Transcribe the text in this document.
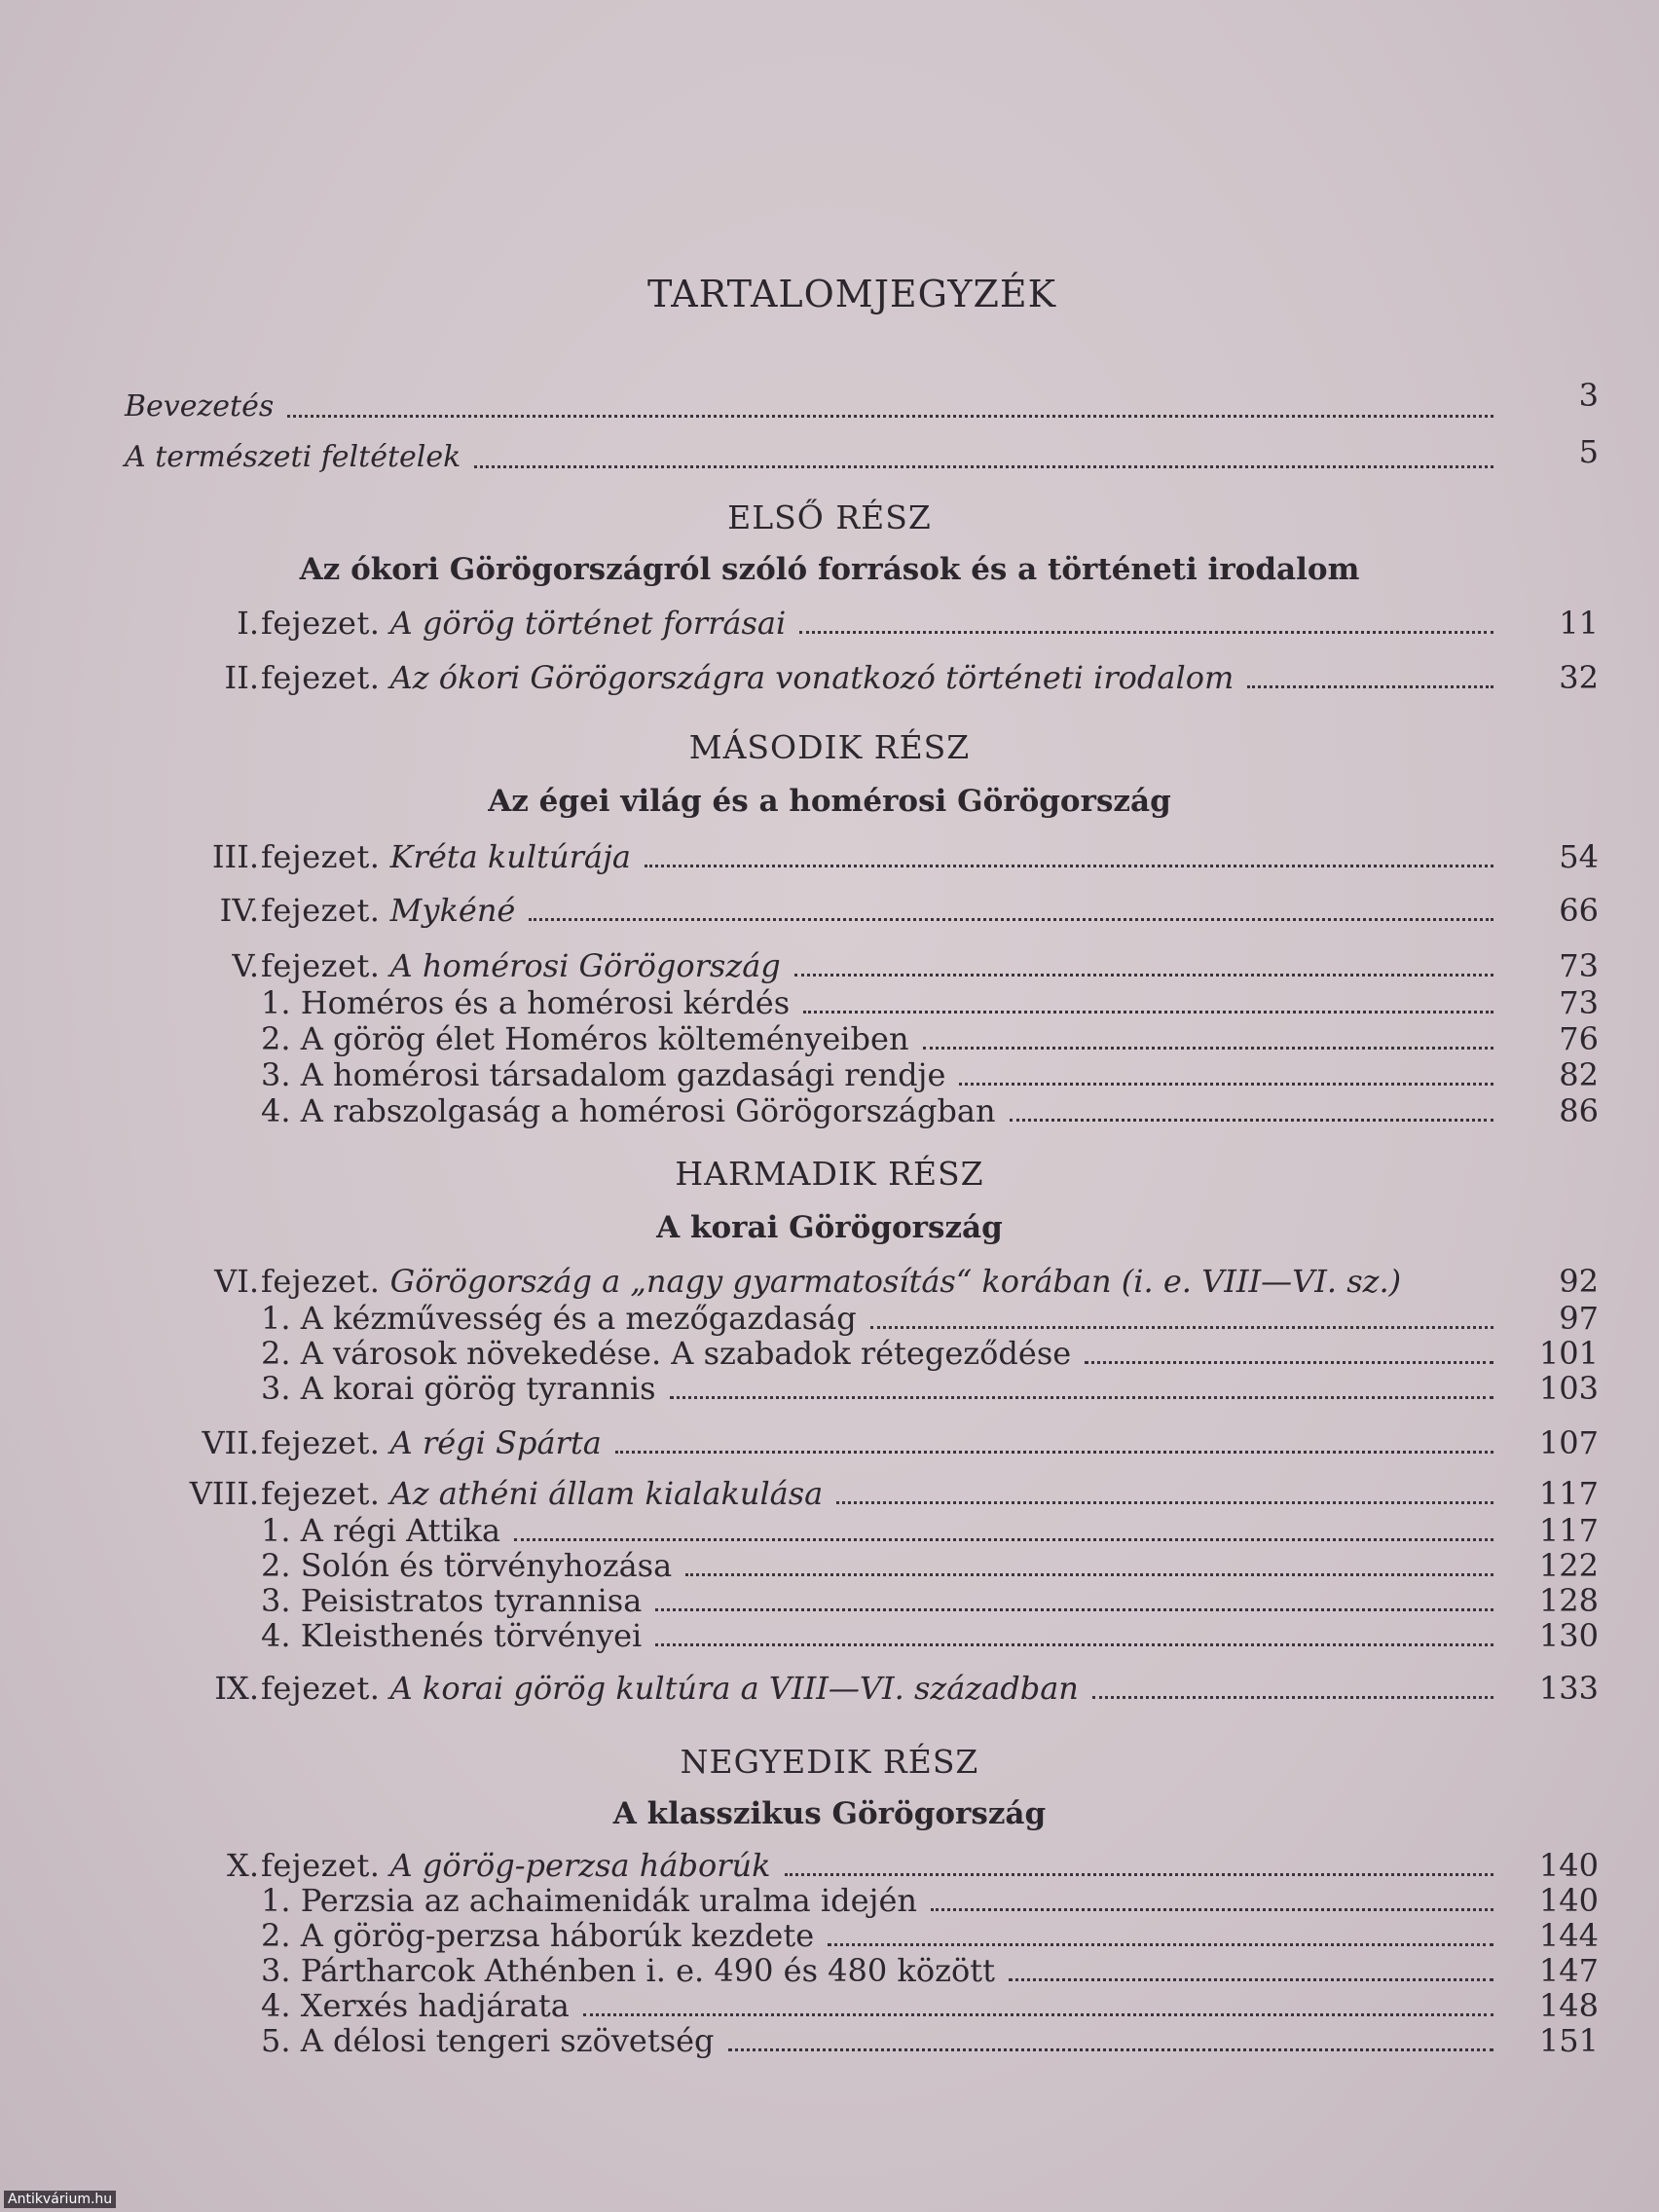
TARTALOMJEGYZÉK
Bevezetés	3
A természeti feltételek	5
ELSŐ RÉSZ
Az ókori Görögországról szóló források és a történeti irodalom
I. fejezet. A görög történet forrásai	11
II. fejezet. Az ókori Görögországra vonatkozó történeti irodalom	32
MÁSODIK RÉSZ
Az égei világ és a homérosi Görögország
III. fejezet. Kréta kultúrája	54
IV. fejezet. Mykéné	66
V. fejezet. A homérosi Görögország	73
1. Homéros és a homérosi kérdés	73
2. A görög élet Homéros költeményeiben	76
3. A homérosi társadalom gazdasági rendje	82
4. A rabszolgaság a homérosi Görögországban	86
HARMADIK RÉSZ
A korai Görögország
VI. fejezet. Görögország a „nagy gyarmatosítás“ korában (i. e. VIII—VI. sz.)	92
1. A kézművesség és a mezőgazdaság	97
2. A városok növekedése. A szabadok rétegeződése	101
3. A korai görög tyrannis	103
VII. fejezet. A régi Spárta	107
VIII. fejezet. Az athéni állam kialakulása	117
1. A régi Attika	117
2. Solón és törvényhozása	122
3. Peisistratos tyrannisa	128
4. Kleisthenés törvényei	130
IX. fejezet. A korai görög kultúra a VIII—VI. században	133
NEGYEDIK RÉSZ
A klasszikus Görögország
X. fejezet. A görög-perzsa háborúk	140
1. Perzsia az achaimenidák uralma idején	140
2. A görög-perzsa háborúk kezdete	144
3. Pártharcok Athénben i. e. 490 és 480 között	147
4. Xerxés hadjárata	148
5. A délosi tengeri szövetség	151
Antikvárium.hu
